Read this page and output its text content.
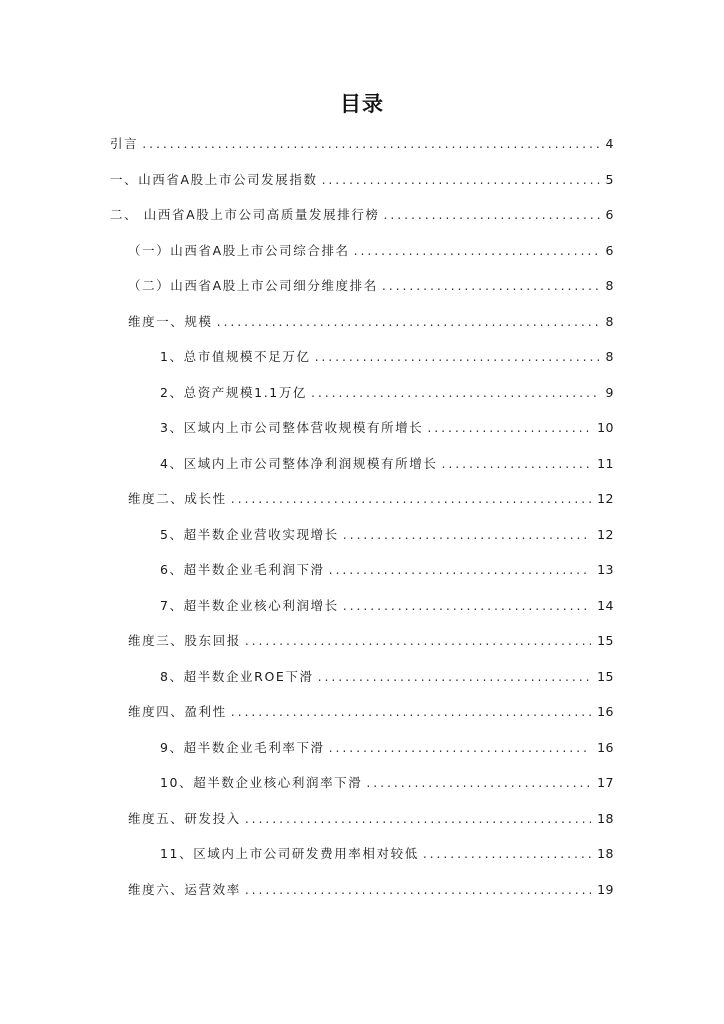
目录
引言 .....	4
一、山西省A股上市公司发展指数 .....	5
二、 山西省A股上市公司高质量发展排行榜 .....	6
（一）山西省A股上市公司综合排名 .....	6
（二）山西省A股上市公司细分维度排名 .....	8
维度一、规模 .....	8
1、总市值规模不足万亿 .....	8
2、总资产规模1.1万亿 .....	9
3、区域内上市公司整体营收规模有所增长 .....	10
4、区域内上市公司整体净利润规模有所增长 .....	11
维度二、成长性 .....	12
5、超半数企业营收实现增长 .....	12
6、超半数企业毛利润下滑 .....	13
7、超半数企业核心利润增长 .....	14
维度三、股东回报 .....	15
8、超半数企业ROE下滑 .....	15
维度四、盈利性 .....	16
9、超半数企业毛利率下滑 .....	16
10、超半数企业核心利润率下滑 .....	17
维度五、研发投入 .....	18
11、区域内上市公司研发费用率相对较低 .....	18
维度六、运营效率 .....	19
